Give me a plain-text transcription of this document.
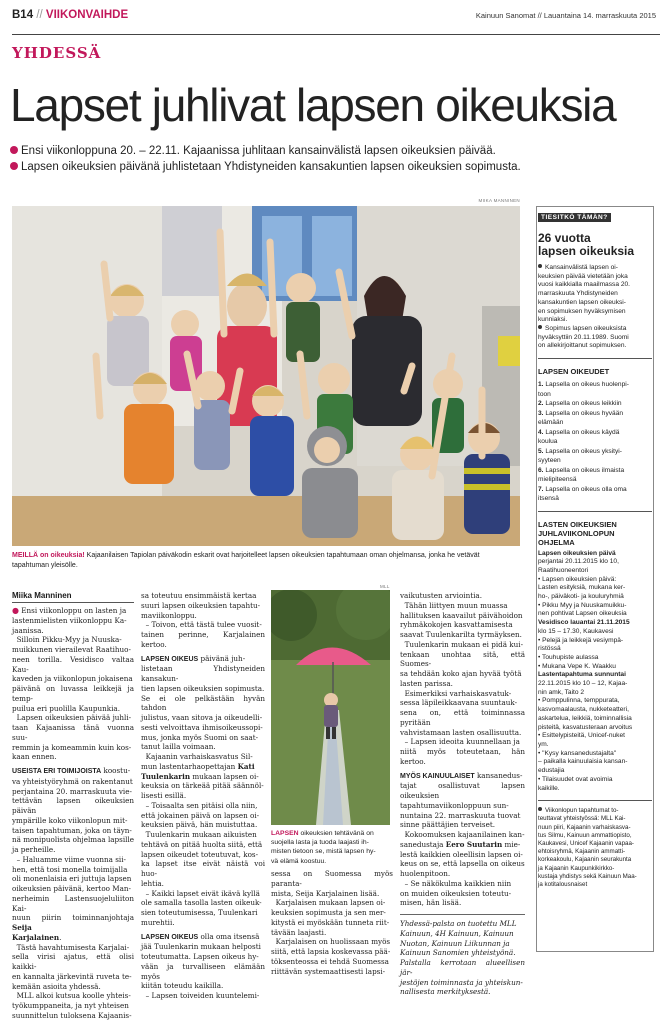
B14 // VIIKONVAIHDE	Kainuun Sanomat // Lauantaina 14. marraskuuta 2015
YHDESSÄ
Lapset juhlivat lapsen oikeuksia
Ensi viikonloppuna 20. – 22.11. Kajaanissa juhlitaan kansainvälistä lapsen oikeuksien päivää.
Lapsen oikeuksien päivänä juhlistetaan Yhdistyneiden kansakuntien lapsen oikeuksien sopimusta.
MIIKA MANNINEN
MEILLÄ on oikeuksia! Kajaanilaisen Tapiolan päiväkodin eskarit ovat harjoitelleet lapsen oikeuksien tapahtumaan oman ohjelmansa, jonka he vetävät
tapahtuman yleisölle.
Miika Manninen
● Ensi viikonloppu on lasten ja
lastenmielisten viikonloppu Ka-
jaanissa.
Silloin Pikku-Myy ja Nuuska-
muikkunen vierailevat Raatihuo-
neen torilla. Vesidisco valtaa Kau-
kaveden ja viikonlopun jokaisena
päivänä on luvassa leikkejä ja temp-
puilua eri puolilla Kaupunkia.
Lapsen oikeuksien päivää juhli-
taan Kajaanissa tänä vuonna suu-
remmin ja komeammin kuin kos-
kaan ennen.
USEISTA ERI TOIMIJOISTA koostu-
va yhteistyöryhmä on rakentanut
perjantaina 20. marraskuuta vie-
tettävän lapsen oikeuksien päivän
ympärille koko viikonlopun mit-
taisen tapahtuman, joka on täyn-
nä monipuolista ohjelmaa lapsille
ja perheille.
– Haluamme viime vuonna sii-
hen, että tosi monella toimijalla
oli monenlaisia eri juttuja lapsen
oikeuksien päivänä, kertoo Man-
nerheimin Lastensuojeluliiton Kai-
nuun piirin toiminnanjohtaja Seija
Karjalainen.
Tästä havahtumisesta Karjalai-
sella virisi ajatus, että olisi kaikki-
en kannalta järkevintä ruveta te-
kemään asioita yhdessä.
MLL alkoi kutsua koolle yhteis-
työkumppaneita, ja nyt yhteisen
suunnittelun tuloksena Kajaanis-
sa toteutuu ensimmäistä kertaa
suuri lapsen oikeuksien tapahtu-
maviikonloppu.
– Toivon, että tästä tulee vuosit-
tainen perinne, Karjalainen kertoo.
LAPSEN OIKEUS päivänä juh-
listetaan Yhdistyneiden kansakun-
tien lapsen oikeuksien sopimusta.
Se ei ole pelkästään hyvän tahdon
julistus, vaan sitova ja oikeudelli-
sesti velvoittava ihmisoikeussopi-
mus, jonka myös Suomi on saat-
tanut lailla voimaan.
Kajaanin varhaiskasvatus Sil-
mun lastentarhaopettajan Kati
Tuulenkarin mukaan lapsen oi-
keuksia on tärkeää pitää säännöl-
lisesti esillä.
– Toisaalta sen pitäisi olla niin,
että jokainen päivä on lapsen oi-
keuksien päivä, hän muistuttaa.
Tuulenkarin mukaan aikuisten
tehtävä on pitää huolta siitä, että
lapsen oikeudet toteutuvat, kos-
ka lapset itse eivät näistä voi huo-
lehtia.
– Kaikki lapset eivät ikävä kyllä
ole samalla tasolla lasten oikeuk-
sien toteutumisessa, Tuulenkari
murehtii.
LAPSEN OIKEUS olla oma itsensä
jää Tuulenkarin mukaan helposti
toteutumatta. Lapsen oikeus hy-
vään ja turvalliseen elämään myös
kiitän toteudu kaikilla.
– Lapsen toiveiden kuuntelemi-
MLL
LAPSEN oikeuksien tehtävänä on
suojella lasta ja tuoda laajasti ih-
misten tietoon se, mistä lapsen hy-
vä elämä koostuu.
sessa on Suomessa myös paranta-
mista, Seija Karjalainen lisää.
Karjalaisen mukaan lapsen oi-
keuksien sopimusta ja sen mer-
kitystä ei myöskään tunneta riit-
tävään laajasti.
Karjalaisen on huolissaan myös
siitä, että lapsia koskevassa pää-
töksenteossa ei tehdä Suomessa
riittävän systemaattisesti lapsi-
vaikutusten arviointia.
Tähän liittyen muun muassa
hallituksen kaavailut päivähoidon
ryhmäkokojen kasvattamisesta
saavat Tuulenkarilta tyrmäyksen.
Tuulenkarin mukaan ei pidä kui-
tenkaan unohtaa sitä, että Suomes-
sa tehdään koko ajan hyvää työtä
lasten parissa.
Esimerkiksi varhaiskasvatuk-
sessa läpileikkaavana suuntauk-
sena on, että toiminnassa pyritään
vahvistamaan lasten osallisuutta.
– Lapsen ideoita kuunnellaan ja
niitä myös toteutetaan, hän kertoo.
MYÖS KAINUULAISET kansanedus-
tajat osallistuvat lapsen oikeuksien
tapahtumaviikonloppuun sun-
nuntaina 22. marraskuuta tuovat
sinne päättäjien terveiset.
Kokoomuksen kajaanilainen kan-
sanedustaja Eero Suutarin mie-
lestä kaikkien oleellisin lapsen oi-
keus on se, että lapsella on oikeus
huolenpitoon.
– Se näkökulma kaikkien niin
on muiden oikeuksien toteutu-
misen, hän lisää.
Yhdessä-palsta on tuotettu MLL
Kainuun, 4H Kainuun, Kainuun
Nuotan, Kainuun Liikunnan ja
Kainuun Sanomien yhteistyönä.
Palstalla kerrotaan alueellisen jär-
jestöjen toiminnasta ja yhteiskun-
nallisesta merkityksestä.
TIESITKÖ TÄMÄN?
26 vuotta
lapsen oikeuksia
Kansainvälistä lapsen oi-
keuksien päivää vietetään joka
vuosi kaikkialla maailmassa 20.
marraskuuta Yhdistyneiden
kansakuntien lapsen oikeuksi-
en sopimuksen hyväksymisen
kunniaksi.
Sopimus lapsen oikeuksista
hyväksyttiin 20.11.1989. Suomi
on allekirjoittanut sopimuksen.
LAPSEN OIKEUDET
1. Lapsella on oikeus huolenpi-
toon
2. Lapsella on oikeus leikkiin
3. Lapsella on oikeus hyvään
elämään
4. Lapsella on oikeus käydä
koulua
5. Lapsella on oikeus yksityi-
syyteen
6. Lapsella on oikeus ilmaista
mielipiteensä
7. Lapsella on oikeus olla oma
itsensä
LASTEN OIKEUKSIEN
JUHLAVIIKONLOPUN
OHJELMA
Lapsen oikeuksien päivä
perjantai 20.11.2015 klo 10,
Raatihuoneentori
• Lapsen oikeuksien päivä:
Lasten esityksiä, mukana ker-
ho-, päiväkoti- ja kouluryhmiä
• Pikku Myy ja Nuuskamuikku-
nen pohtivat Lapsen oikeuksia
Vesidisco lauantai 21.11.2015
klo 15 – 17.30, Kaukavesi
• Pelejä ja leikkejä vesiympä-
ristössä
• Touhupiste aulassa
• Mukana Vepe K. Waakku
Lastentapahtuma sunnuntai
22.11.2015 klo 10 – 12, Kajaa-
nin amk, Taito 2
• Pomppulinna, temppurata,
kasvomaalausta, nukketeatteri,
askartelua, leikkiä, toiminnallisia
pisteitä, kasvatusteraan arvoitus
• Esittelypisteitä, Unicef-nuket
ym.
• "Kysy kansanedustajalta"
– paikalla kainuulaisia kansan-
edustajia
• Tilaisuudet ovat avoimia
kaikille.
Viikonlopun tapahtumat to-
teuttavat yhteistyössä: MLL Kai-
nuun piiri, Kajaanin varhaiskasva-
tus Silmu, Kainuun ammattiopisto,
Kaukavesi, Unicef Kajaanin vapaa-
ehtoisryhmä, Kajaanin ammatti-
korkeakoulu, Kajaanin seurakunta
ja Kajaanin Kaupunkikirkko-
kustaja yhdistys sekä Kainuun Maa-
ja kotitalousnaiset
